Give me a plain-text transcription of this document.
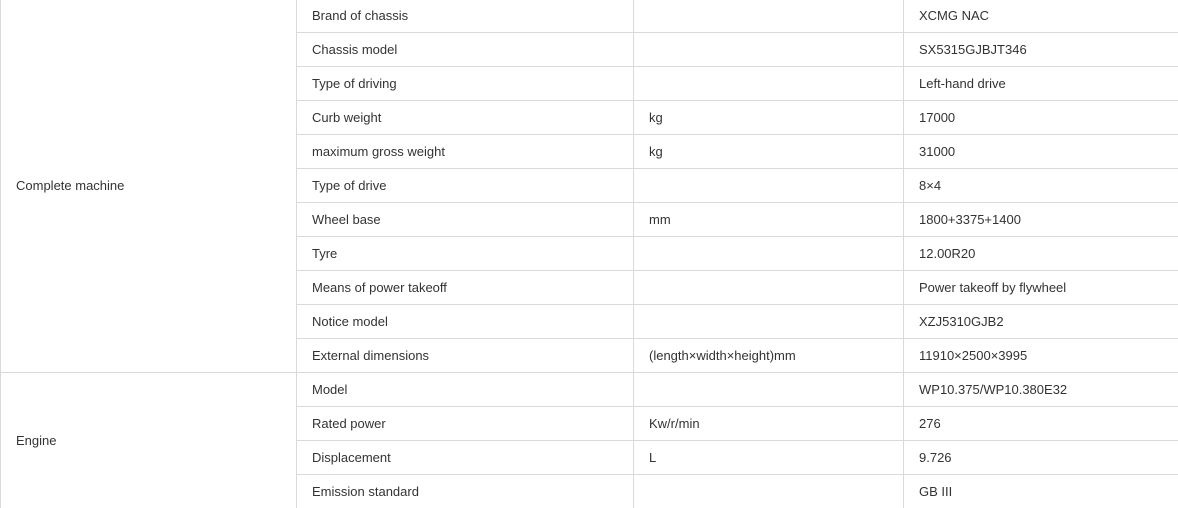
Complete machine	Brand of chassis		XCMG NAC
	Chassis model		SX5315GJBJT346
	Type of driving		Left-hand drive
	Curb weight	kg	17000
	maximum gross weight	kg	31000
	Type of drive		8×4
	Wheel base	mm	1800+3375+1400
	Tyre		12.00R20
	Means of power takeoff		Power takeoff by flywheel
	Notice model		XZJ5310GJB2
	External dimensions	(length×width×height)mm	11910×2500×3995
Engine	Model		WP10.375/WP10.380E32
	Rated power	Kw/r/min	276
	Displacement	L	9.726
	Emission standard		GB III
